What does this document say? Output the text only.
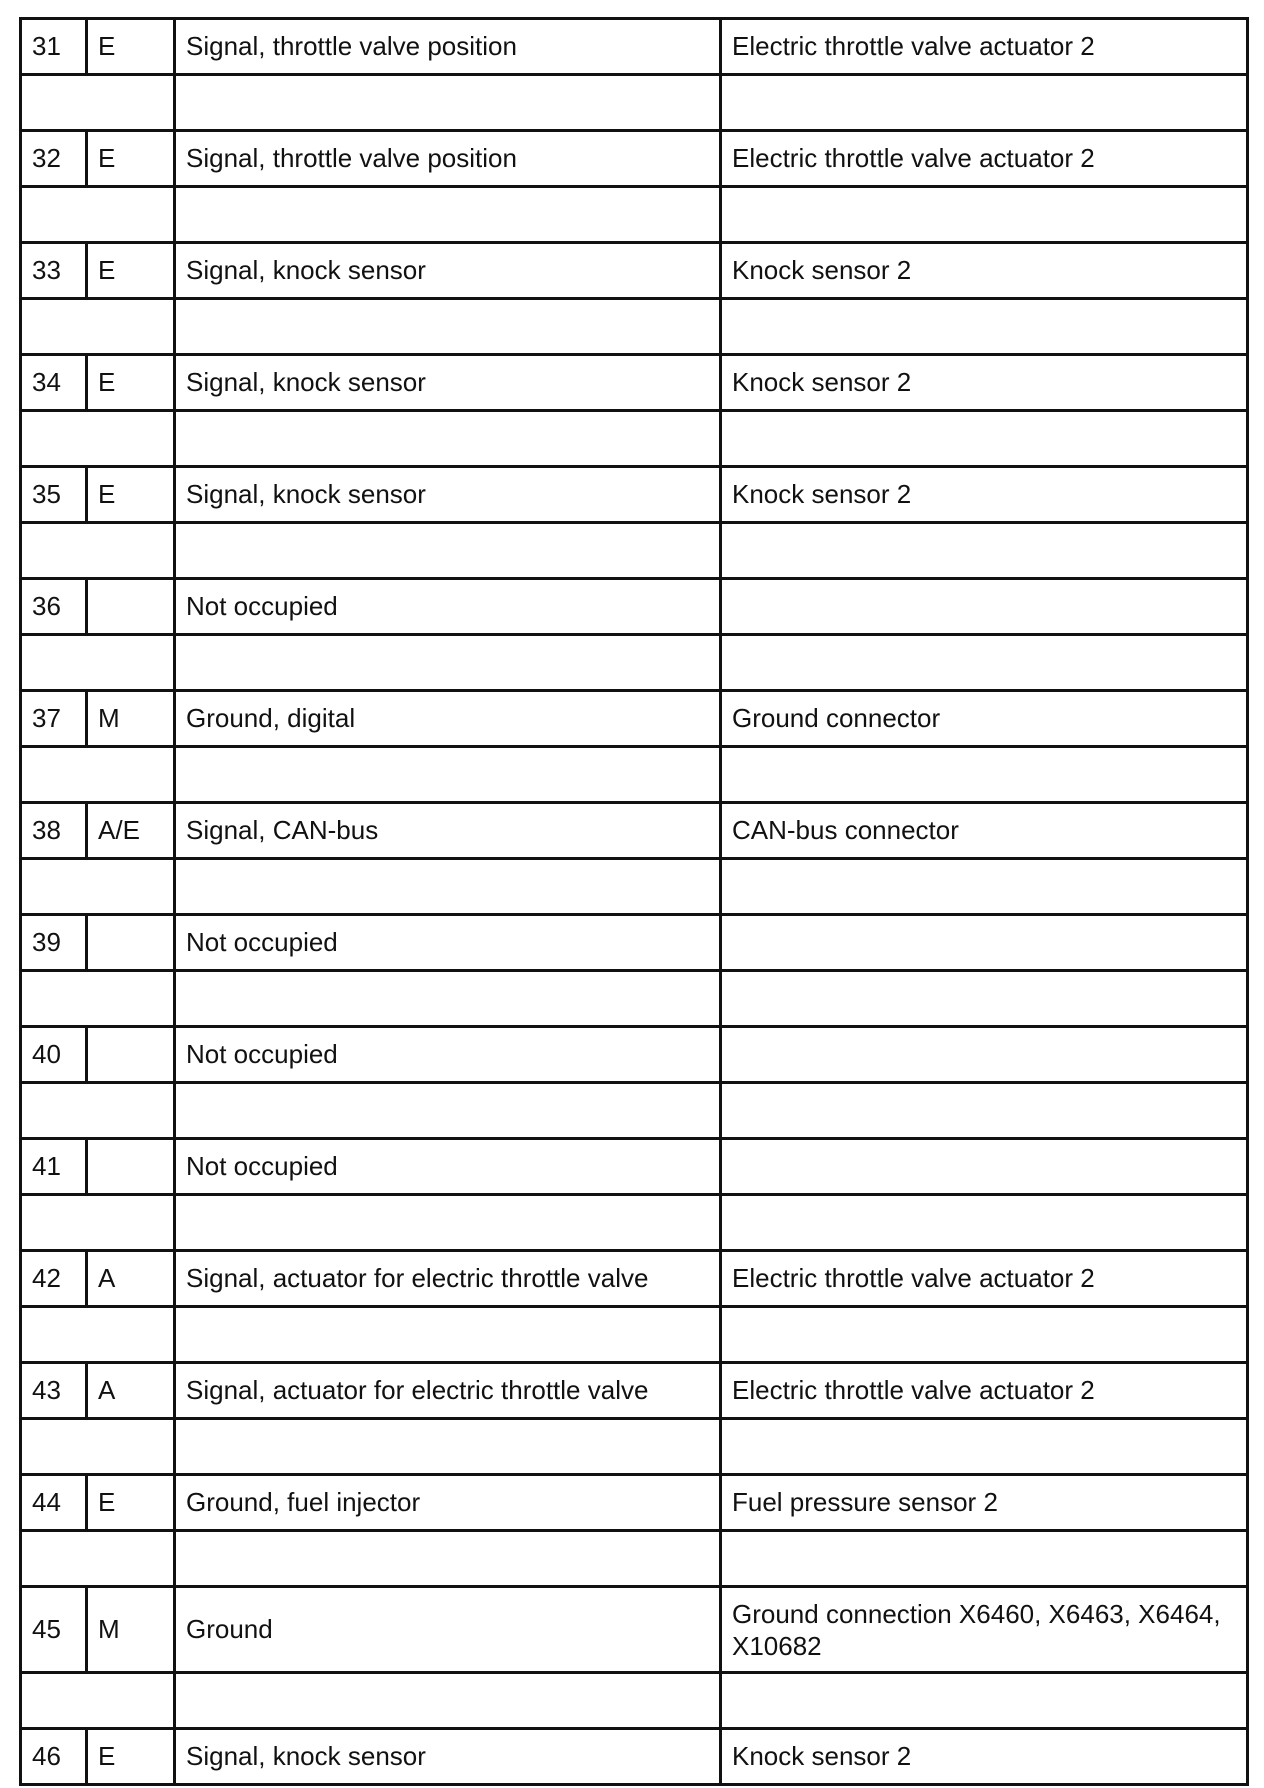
31	E	Signal, throttle valve position	Electric throttle valve actuator 2

32	E	Signal, throttle valve position	Electric throttle valve actuator 2

33	E	Signal, knock sensor	Knock sensor 2

34	E	Signal, knock sensor	Knock sensor 2

35	E	Signal, knock sensor	Knock sensor 2

36		Not occupied	

37	M	Ground, digital	Ground connector

38	A/E	Signal, CAN-bus	CAN-bus connector

39		Not occupied	

40		Not occupied	

41		Not occupied	

42	A	Signal, actuator for electric throttle valve	Electric throttle valve actuator 2

43	A	Signal, actuator for electric throttle valve	Electric throttle valve actuator 2

44	E	Ground, fuel injector	Fuel pressure sensor 2

45	M	Ground	Ground connection X6460, X6463, X6464, X10682

46	E	Signal, knock sensor	Knock sensor 2
